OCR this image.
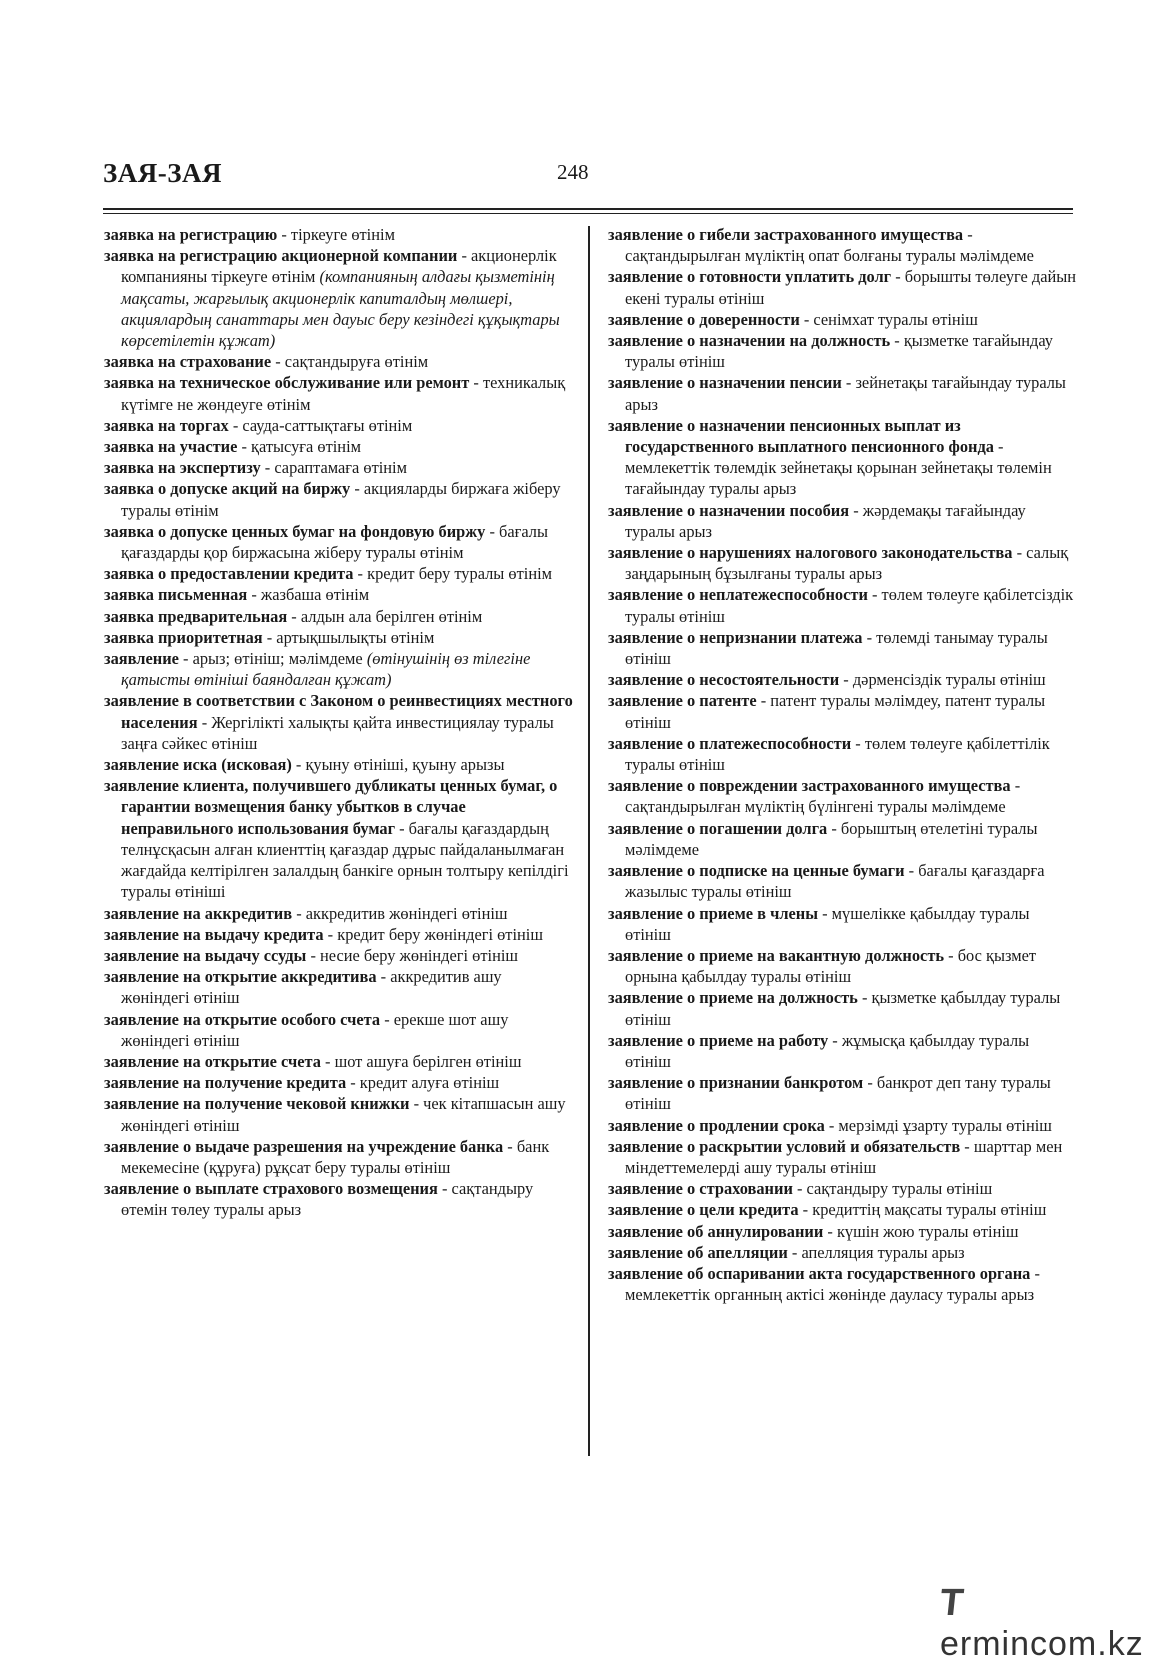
ЗАЯ-ЗАЯ	248

заявка на регистрацию - тіркеуге өтінім

заявка на регистрацию акционерной компании - акционерлік компанияны тіркеуге өтінім (компанияның алдағы қызметінің мақсаты, жарғылық акционерлік капиталдың мөлшері, акциялардың санаттары мен дауыс беру кезіндегі құқықтары көрсетілетін құжат)

заявка на страхование - сақтандыруға өтінім

заявка на техническое обслуживание или ремонт - техникалық күтімге не жөндеуге өтінім

заявка на торгах - сауда-саттықтағы өтінім

заявка на участие - қатысуға өтінім

заявка на экспертизу - сараптамаға өтінім

заявка о допуске акций на биржу - акцияларды биржаға жіберу туралы өтінім

заявка о допуске ценных бумаг на фондовую биржу - бағалы қағаздарды қор биржасына жіберу туралы өтінім

заявка о предоставлении кредита - кредит беру туралы өтінім

заявка письменная - жазбаша өтінім

заявка предварительная - алдын ала берілген өтінім

заявка приоритетная - артықшылықты өтінім

заявление - арыз; өтініш; мәлімдеме (өтінушінің өз тілегіне қатысты өтініші баяндалған құжат)

заявление в соответствии с Законом о реинвестициях местного населения - Жергілікті халықты қайта инвестициялау туралы заңға сәйкес өтініш

заявление иска (исковая) - қуыну өтініші, қуыну арызы

заявление клиента, получившего дубликаты ценных бумаг, о гарантии возмещения банку убытков в случае неправильного использования бумаг - бағалы қағаздардың телнұсқасын алған клиенттің қағаздар дұрыс пайдаланылмаған жағдайда келтірілген залалдың банкіге орнын толтыру кепілдігі туралы өтініші

заявление на аккредитив - аккредитив жөніндегі өтініш

заявление на выдачу кредита - кредит беру жөніндегі өтініш

заявление на выдачу ссуды - несие беру жөніндегі өтініш

заявление на открытие аккредитива - аккредитив ашу жөніндегі өтініш

заявление на открытие особого счета - ерекше шот ашу жөніндегі өтініш

заявление на открытие счета - шот ашуға берілген өтініш

заявление на получение кредита - кредит алуға өтініш

заявление на получение чековой книжки - чек кітапшасын ашу жөніндегі өтініш

заявление о выдаче разрешения на учреждение банка - банк мекемесіне (құруға) рұқсат беру туралы өтініш

заявление о выплате страхового возмещения - сақтандыру өтемін төлеу туралы арыз

заявление о гибели застрахованного имущества - сақтандырылған мүліктің опат болғаны туралы мәлімдеме

заявление о готовности уплатить долг - борышты төлеуге дайын екені туралы өтініш

заявление о доверенности - сенімхат туралы өтініш

заявление о назначении на должность - қызметке тағайындау туралы өтініш

заявление о назначении пенсии - зейнетақы тағайындау туралы арыз

заявление о назначении пенсионных выплат из государственного выплатного пенсионного фонда - мемлекеттік төлемдік зейнетақы қорынан зейнетақы төлемін тағайындау туралы арыз

заявление о назначении пособия - жәрдемақы тағайындау туралы арыз

заявление о нарушениях налогового законодательства - салық заңдарының бұзылғаны туралы арыз

заявление о неплатежеспособности - төлем төлеуге қабілетсіздік туралы өтініш

заявление о непризнании платежа - төлемді танымау туралы өтініш

заявление о несостоятельности - дәрменсіздік туралы өтініш

заявление о патенте - патент туралы мәлімдеу, патент туралы өтініш

заявление о платежеспособности - төлем төлеуге қабілеттілік туралы өтініш

заявление о повреждении застрахованного имущества - сақтандырылған мүліктің бүлінгені туралы мәлімдеме

заявление о погашении долга - борыштың өтелетіні туралы мәлімдеме

заявление о подписке на ценные бумаги - бағалы қағаздарға жазылыс туралы өтініш

заявление о приеме в члены - мүшелікке қабылдау туралы өтініш

заявление о приеме на вакантную должность - бос қызмет орнына қабылдау туралы өтініш

заявление о приеме на должность - қызметке қабылдау туралы өтініш

заявление о приеме на работу - жұмысқа қабылдау туралы өтініш

заявление о признании банкротом - банкрот деп тану туралы өтініш

заявление о продлении срока - мерзімді ұзарту туралы өтініш

заявление о раскрытии условий и обязательств - шарттар мен міндеттемелерді ашу туралы өтініш

заявление о страховании - сақтандыру туралы өтініш

заявление о цели кредита - кредиттің мақсаты туралы өтініш

заявление об аннулировании - күшін жою туралы өтініш

заявление об апелляции - апелляция туралы арыз

заявление об оспаривании акта государственного органа - мемлекеттік органның актісі жөнінде дауласу туралы арыз

Termincom.kz
